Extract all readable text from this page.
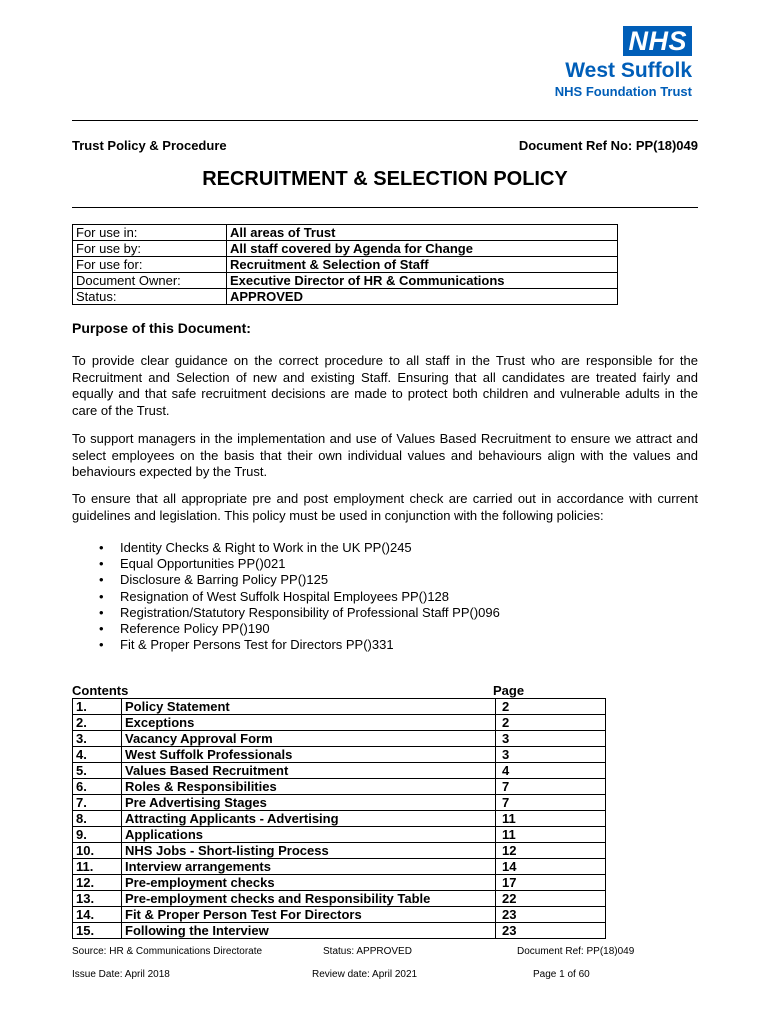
NHS
West Suffolk
NHS Foundation Trust
Trust Policy & Procedure	Document Ref No: PP(18)049
RECRUITMENT & SELECTION POLICY
For use in:	All areas of Trust
For use by:	All staff covered by Agenda for Change
For use for:	Recruitment & Selection of Staff
Document Owner:	Executive Director of HR & Communications
Status:	APPROVED
Purpose of this Document:
To provide clear guidance on the correct procedure to all staff in the Trust who are responsible for the Recruitment and Selection of new and existing Staff. Ensuring that all candidates are treated fairly and equally and that safe recruitment decisions are made to protect both children and vulnerable adults in the care of the Trust.
To support managers in the implementation and use of Values Based Recruitment to ensure we attract and select employees on the basis that their own individual values and behaviours align with the values and behaviours expected by the Trust.
To ensure that all appropriate pre and post employment check are carried out in accordance with current guidelines and legislation. This policy must be used in conjunction with the following policies:
• Identity Checks & Right to Work in the UK PP()245
• Equal Opportunities PP()021
• Disclosure & Barring Policy PP()125
• Resignation of West Suffolk Hospital Employees PP()128
• Registration/Statutory Responsibility of Professional Staff PP()096
• Reference Policy PP()190
• Fit & Proper Persons Test for Directors PP()331
Contents	Page
1.	Policy Statement	2
2.	Exceptions	2
3.	Vacancy Approval Form	3
4.	West Suffolk Professionals	3
5.	Values Based Recruitment	4
6.	Roles & Responsibilities	7
7.	Pre Advertising Stages	7
8.	Attracting Applicants - Advertising	11
9.	Applications	11
10.	NHS Jobs - Short-listing Process	12
11.	Interview arrangements	14
12.	Pre-employment checks	17
13.	Pre-employment checks and Responsibility Table	22
14.	Fit & Proper Person Test For Directors	23
15.	Following the Interview	23
Source: HR & Communications Directorate	Status: APPROVED	Document Ref: PP(18)049
Issue Date: April 2018	Review date: April 2021	Page 1 of 60
